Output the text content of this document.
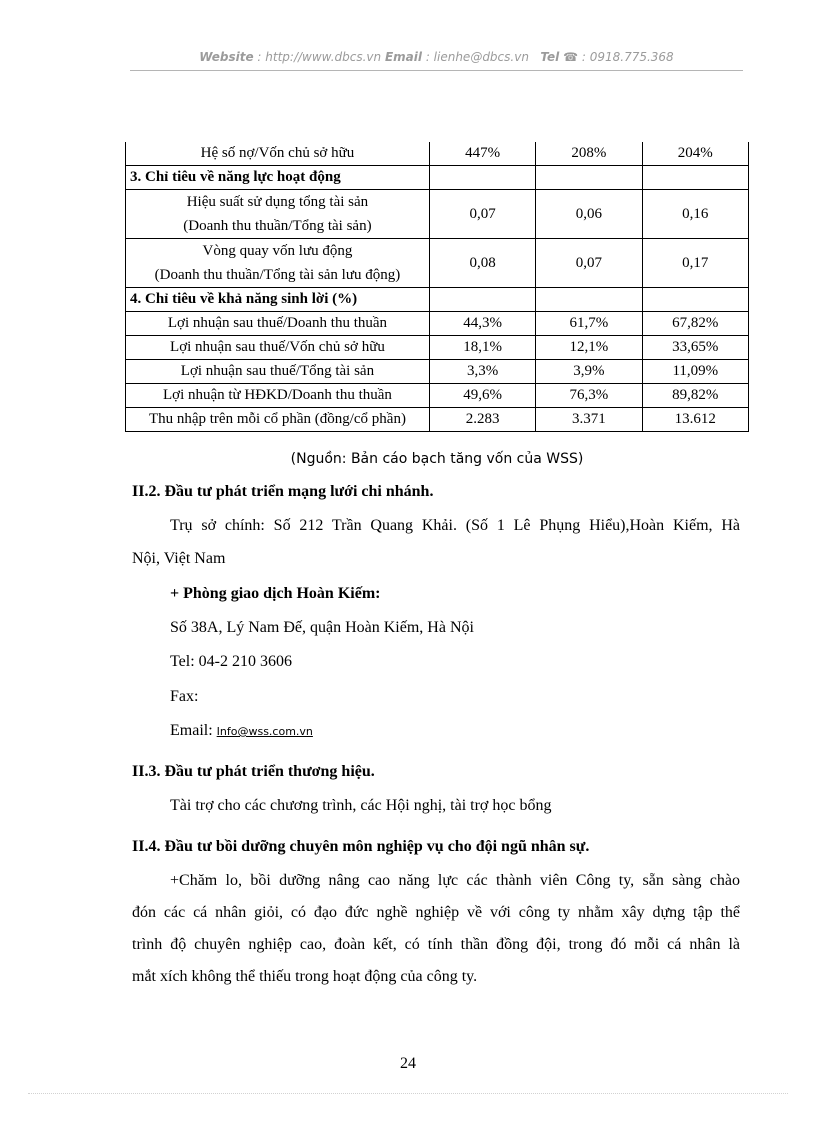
Website : http://www.dbcs.vn Email : lienhe@dbcs.vn Tel ☎ : 0918.775.368
Hệ số nợ/Vốn chủ sở hữu	447%	208%	204%
3. Chỉ tiêu về năng lực hoạt động			

Hiệu suất sử dụng tổng tài sản
(Doanh thu thuần/Tổng tài sản)	0,07	0,06	0,16

Vòng quay vốn lưu động
(Doanh thu thuần/Tổng tài sản lưu động)	0,08	0,07	0,17
4. Chỉ tiêu về khả năng sinh lời (%)			
Lợi nhuận sau thuế/Doanh thu thuần	44,3%	61,7%	67,82%
Lợi nhuận sau thuế/Vốn chủ sở hữu	18,1%	12,1%	33,65%
Lợi nhuận sau thuế/Tổng tài sản	3,3%	3,9%	11,09%
Lợi nhuận từ HĐKD/Doanh thu thuần	49,6%	76,3%	89,82%
Thu nhập trên mỗi cổ phần (đồng/cổ phần)	2.283	3.371	13.612
(Nguồn: Bản cáo bạch tăng vốn của WSS)
II.2. Đầu tư phát triển mạng lưới chi nhánh.
Trụ sở chính: Số 212 Trần Quang Khải. (Số 1 Lê Phụng Hiểu),Hoàn Kiếm, Hà
Nội, Việt Nam
+ Phòng giao dịch Hoàn Kiếm:
Số 38A, Lý Nam Đế, quận Hoàn Kiếm, Hà Nội
Tel: 04-2 210 3606
Fax:
Email: Info@wss.com.vn
II.3. Đầu tư phát triển thương hiệu.
Tài trợ cho các chương trình, các Hội nghị, tài trợ học bổng
II.4. Đầu tư bồi dưỡng chuyên môn nghiệp vụ cho đội ngũ nhân sự.
+Chăm lo, bồi dưỡng nâng cao năng lực các thành viên Công ty, sẵn sàng chào
đón các cá nhân giỏi, có đạo đức nghề nghiệp về với công ty nhằm xây dựng tập thể
trình độ chuyên nghiệp cao, đoàn kết, có tính thần đồng đội, trong đó mỗi cá nhân là
mắt xích không thể thiếu trong hoạt động của công ty.
24
